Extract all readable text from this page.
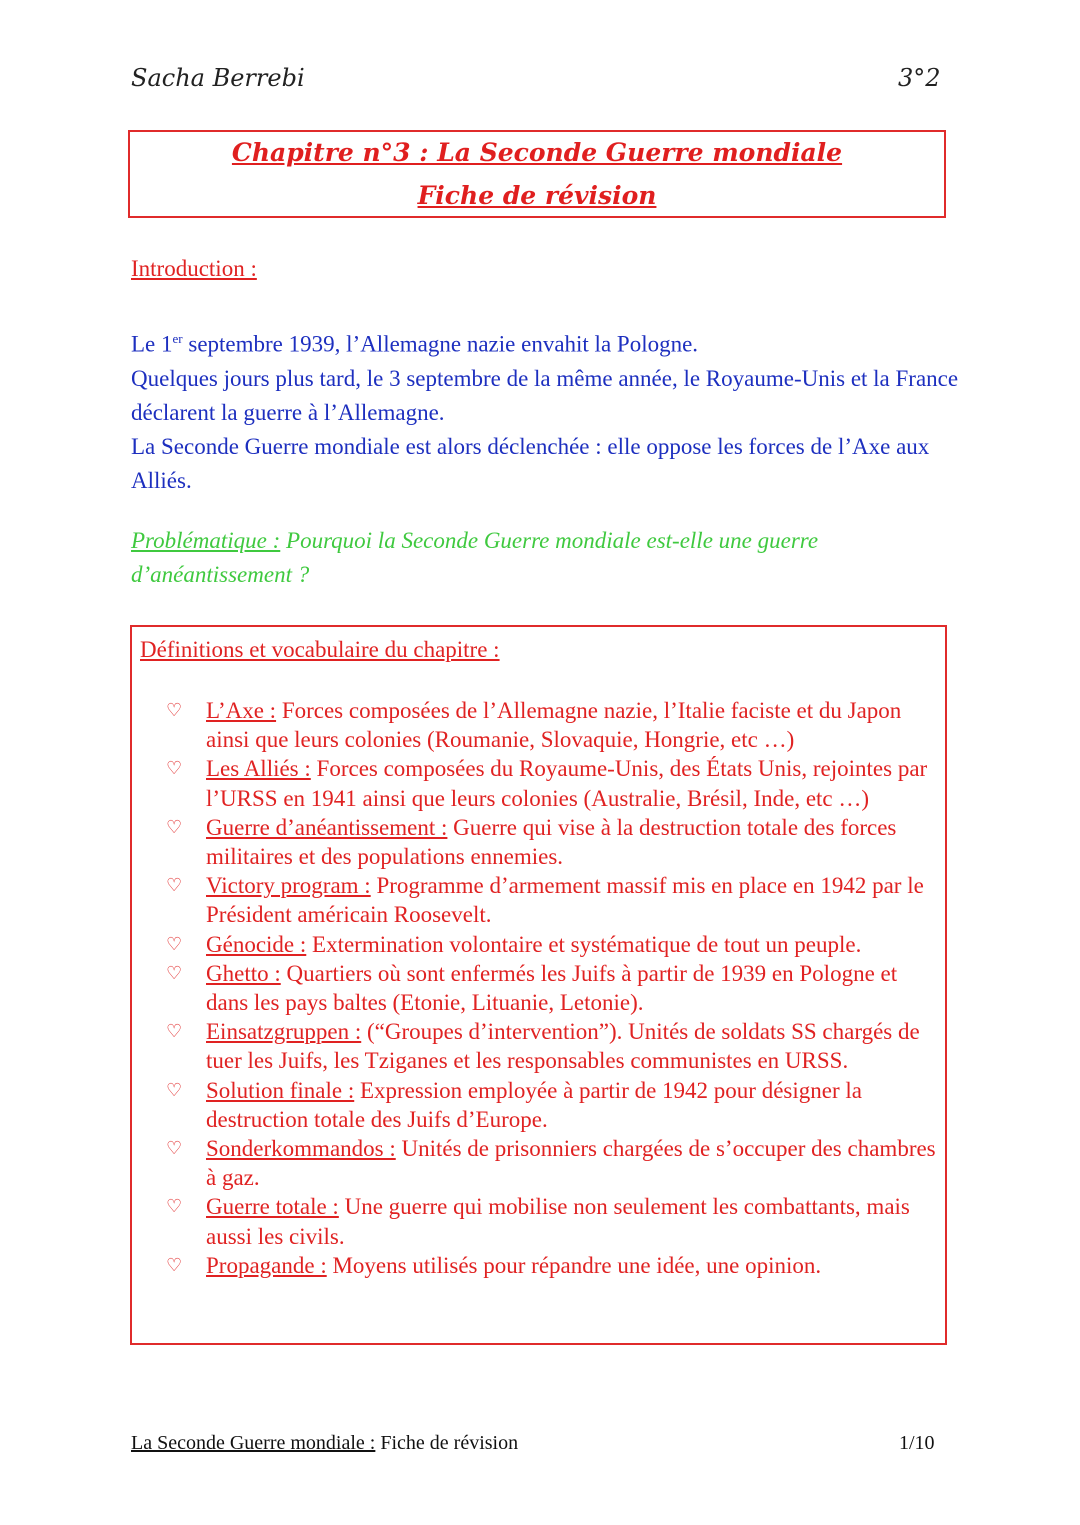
Sacha Berrebi	3°2
Chapitre n°3 : La Seconde Guerre mondiale
Fiche de révision
Introduction :
Le 1er septembre 1939, l’Allemagne nazie envahit la Pologne.
Quelques jours plus tard, le 3 septembre de la même année, le Royaume-Unis et la France déclarent la guerre à l’Allemagne.
La Seconde Guerre mondiale est alors déclenchée : elle oppose les forces de l’Axe aux Alliés.
Problématique : Pourquoi la Seconde Guerre mondiale est-elle une guerre d’anéantissement ?
Définitions et vocabulaire du chapitre :
♡ L’Axe : Forces composées de l’Allemagne nazie, l’Italie faciste et du Japon ainsi que leurs colonies (Roumanie, Slovaquie, Hongrie, etc …)
♡ Les Alliés : Forces composées du Royaume-Unis, des États Unis, rejointes par l’URSS en 1941 ainsi que leurs colonies (Australie, Brésil, Inde, etc …)
♡ Guerre d’anéantissement : Guerre qui vise à la destruction totale des forces militaires et des populations ennemies.
♡ Victory program : Programme d’armement massif mis en place en 1942 par le Président américain Roosevelt.
♡ Génocide : Extermination volontaire et systématique de tout un peuple.
♡ Ghetto : Quartiers où sont enfermés les Juifs à partir de 1939 en Pologne et dans les pays baltes (Etonie, Lituanie, Letonie).
♡ Einsatzgruppen : (“Groupes d’intervention”). Unités de soldats SS chargés de tuer les Juifs, les Tziganes et les responsables communistes en URSS.
♡ Solution finale : Expression employée à partir de 1942 pour désigner la destruction totale des Juifs d’Europe.
♡ Sonderkommandos : Unités de prisonniers chargées de s’occuper des chambres à gaz.
♡ Guerre totale : Une guerre qui mobilise non seulement les combattants, mais aussi les civils.
♡ Propagande : Moyens utilisés pour répandre une idée, une opinion.
La Seconde Guerre mondiale : Fiche de révision	1/10
